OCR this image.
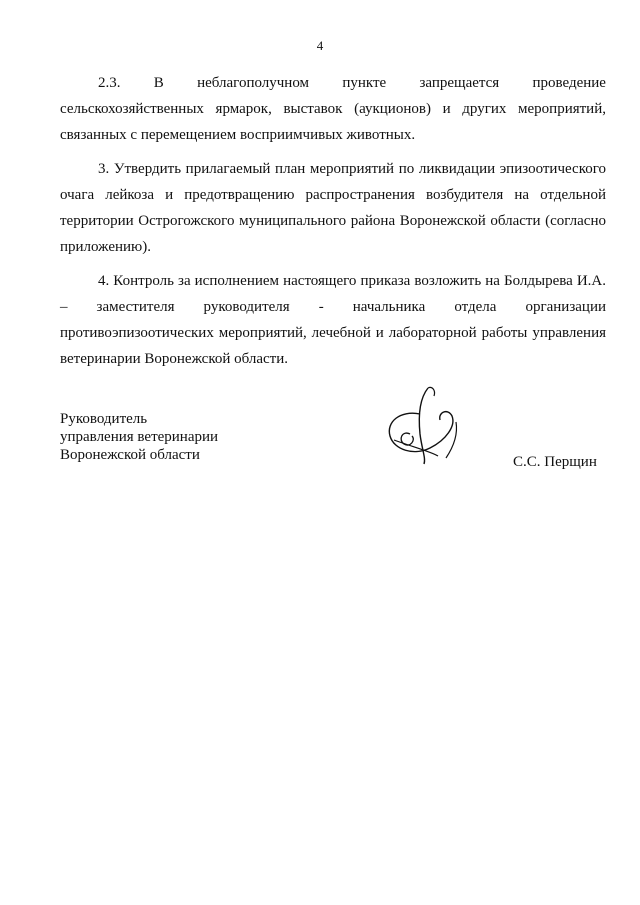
4
2.3. В неблагополучном пункте запрещается проведение

сельскохозяйственных ярмарок, выставок (аукционов) и других мероприятий, связанных с перемещением восприимчивых животных.

3. Утвердить прилагаемый план мероприятий по ликвидации эпизоотического очага лейкоза и предотвращению распространения возбудителя на отдельной территории Острогожского муниципального района Воронежской области (согласно приложению).

4. Контроль за исполнением настоящего приказа возложить на Болдырева И.А. – заместителя руководителя - начальника отдела организации противоэпизоотических мероприятий, лечебной и лабораторной работы управления ветеринарии Воронежской области.

Руководитель
управления ветеринарии
Воронежской области	С.С. Перщин
